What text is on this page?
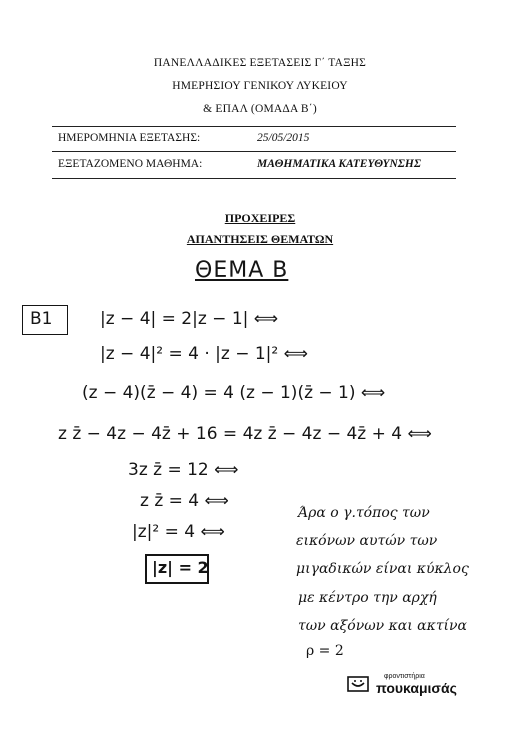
ΠΑΝΕΛΛΑΔΙΚΕΣ ΕΞΕΤΑΣΕΙΣ Γ΄ ΤΑΞΗΣ
ΗΜΕΡΗΣΙΟΥ ΓΕΝΙΚΟΥ ΛΥΚΕΙΟΥ
& ΕΠΑΛ (ΟΜΑΔΑ Β΄)
ΗΜΕΡΟΜΗΝΙΑ ΕΞΕΤΑΣΗΣ:	25/05/2015
ΕΞΕΤΑΖΟΜΕΝΟ ΜΑΘΗΜΑ:	ΜΑΘΗΜΑΤΙΚΑ ΚΑΤΕΥΘΥΝΣΗΣ
ΠΡΟΧΕΙΡΕΣ
ΑΠΑΝΤΗΣΕΙΣ ΘΕΜΑΤΩΝ
ΘΕΜΑ Β
Β1	|z − 4| = 2|z − 1| ⟺
|z − 4|² = 4 · |z − 1|² ⟺
(z − 4)(z̄ − 4) = 4 (z − 1)(z̄ − 1) ⟺
z z̄ − 4z − 4z̄ + 16 = 4z z̄ − 4z − 4z̄ + 4 ⟺
3z z̄ = 12 ⟺
z z̄ = 4 ⟺
|z|² = 4 ⟺
|z| = 2
Άρα ο γ.τόπος των
εικόνων αυτών των
μιγαδικών είναι κύκλος
με κέντρο την αρχή
των αξόνων και ακτίνα
ρ = 2
φροντιστήρια
πουκαμισάς
